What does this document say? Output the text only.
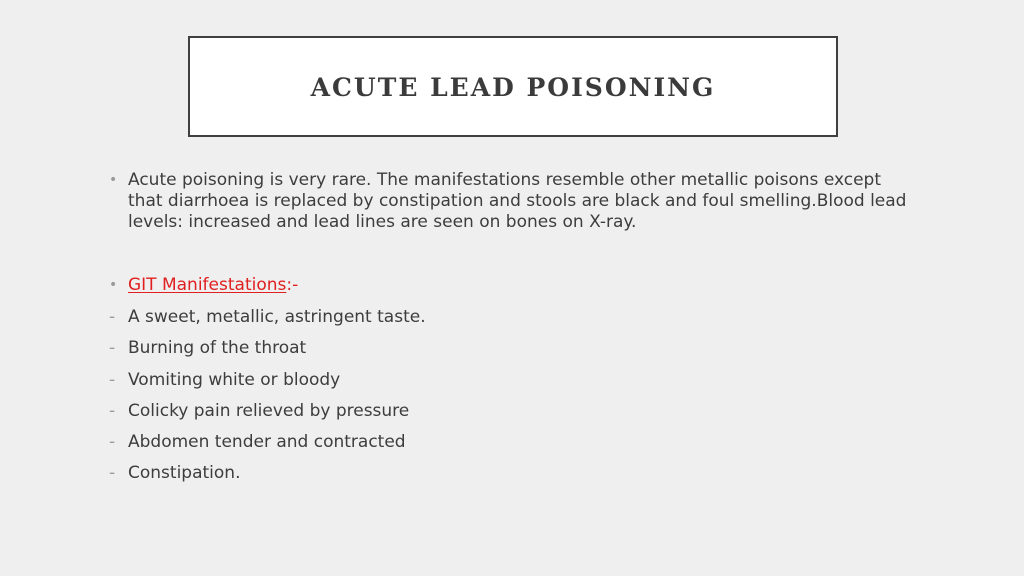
ACUTE LEAD POISONING
• Acute poisoning is very rare. The manifestations resemble other metallic poisons except that diarrhoea is replaced by constipation and stools are black and foul smelling.Blood lead levels: increased and lead lines are seen on bones on X-ray.
• GIT Manifestations:-
- A sweet, metallic, astringent taste.
- Burning of the throat
- Vomiting white or bloody
- Colicky pain relieved by pressure
- Abdomen tender and contracted
- Constipation.
